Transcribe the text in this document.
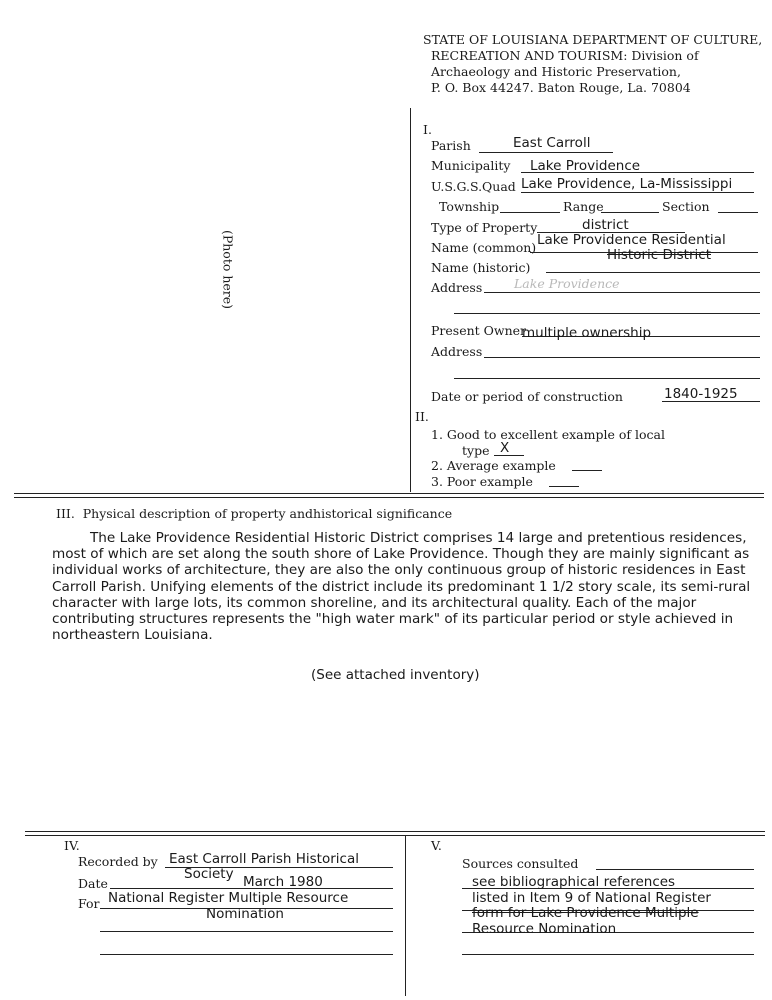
STATE OF LOUISIANA DEPARTMENT OF CULTURE,
RECREATION AND TOURISM: Division of
Archaeology and Historic Preservation,
P. O. Box 44247. Baton Rouge, La. 70804
(Photo here)
I.
Parish	East Carroll
Municipality Lake Providence
U.S.G.S.Quad Lake Providence, La-Mississippi
Township	Range	Section
Type of Property	district
Name (common) Lake Providence Residential
Historic District
Name (historic)
Address	Lake Providence
Present Owner
multiple ownership
Address
Date or period of construction	1840-1925
II.
1. Good to excellent example of local
type X
2. Average example
3. Poor example
III.  Physical description of property andhistorical significance

The Lake Providence Residential Historic District comprises 14 large and pretentious residences, most of which are set along the south shore of Lake Providence. Though they are mainly significant as individual works of architecture, they are also the only continuous group of historic residences in East Carroll Parish. Unifying elements of the district include its predominant 1 1/2 story scale, its semi-rural character with large lots, its common shoreline, and its architectural quality. Each of the major contributing structures represents the "high water mark" of its particular period or style achieved in northeastern Louisiana.

(See attached inventory)
IV.
Recorded by East Carroll Parish Historical
Society
Date	March 1980
For National Register Multiple Resource
Nomination
V.
Sources consulted
see bibliographical references
listed in Item 9 of National Register
form for Lake Providence Multiple
Resource Nomination
